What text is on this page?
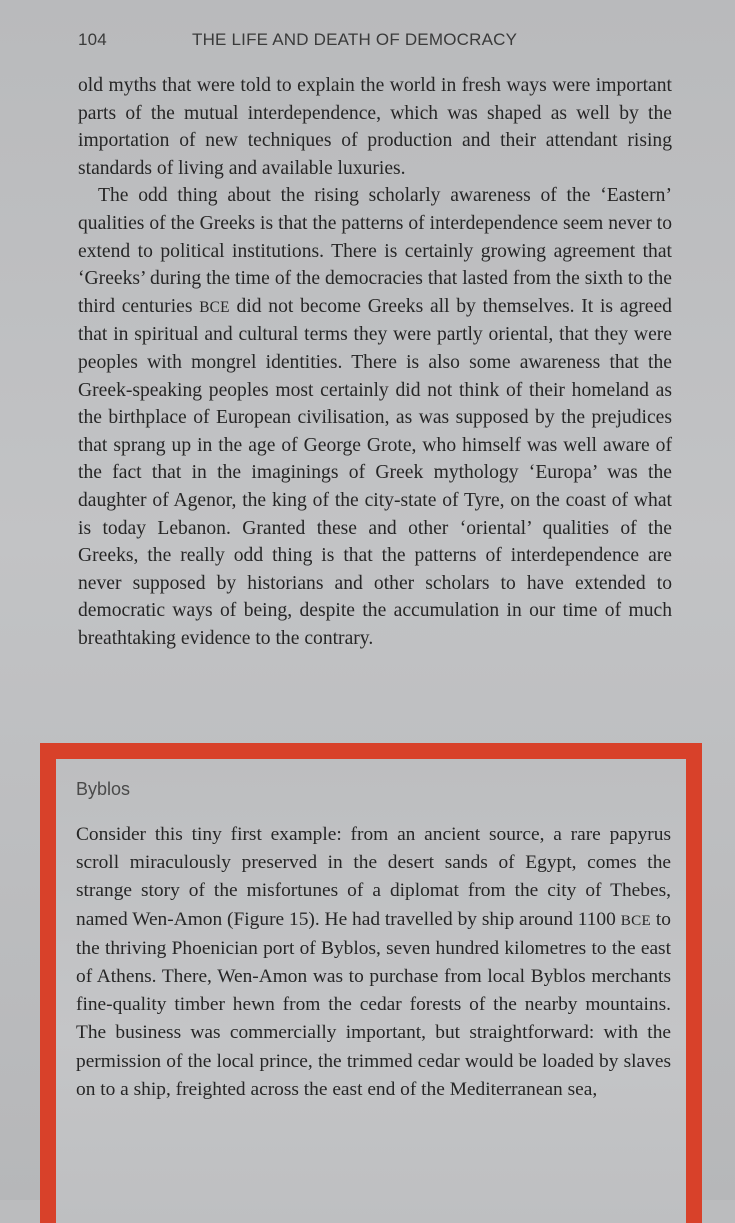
104	THE LIFE AND DEATH OF DEMOCRACY

old myths that were told to explain the world in fresh ways were important parts of the mutual interdependence, which was shaped as well by the importation of new techniques of production and their attendant rising standards of living and available luxuries.

The odd thing about the rising scholarly awareness of the ‘Eastern’ qualities of the Greeks is that the patterns of interdependence seem never to extend to political institutions. There is certainly growing agreement that ‘Greeks’ during the time of the democracies that lasted from the sixth to the third centuries BCE did not become Greeks all by themselves. It is agreed that in spiritual and cultural terms they were partly oriental, that they were peoples with mongrel identities. There is also some awareness that the Greek-speaking peoples most certainly did not think of their homeland as the birthplace of European civilisation, as was supposed by the prejudices that sprang up in the age of George Grote, who himself was well aware of the fact that in the imaginings of Greek mythology ‘Europa’ was the daughter of Agenor, the king of the city-state of Tyre, on the coast of what is today Lebanon. Granted these and other ‘oriental’ qualities of the Greeks, the really odd thing is that the patterns of interdependence are never supposed by historians and other scholars to have extended to democratic ways of being, despite the accumulation in our time of much breathtaking evidence to the contrary.

Byblos

Consider this tiny first example: from an ancient source, a rare papyrus scroll miraculously preserved in the desert sands of Egypt, comes the strange story of the misfortunes of a diplomat from the city of Thebes, named Wen-Amon (Figure 15). He had travelled by ship around 1100 BCE to the thriving Phoenician port of Byblos, seven hundred kilometres to the east of Athens. There, Wen-Amon was to purchase from local Byblos merchants fine-quality timber hewn from the cedar forests of the nearby mountains. The business was commercially important, but straightforward: with the permission of the local prince, the trimmed cedar would be loaded by slaves on to a ship, freighted across the east end of the Mediterranean sea,
